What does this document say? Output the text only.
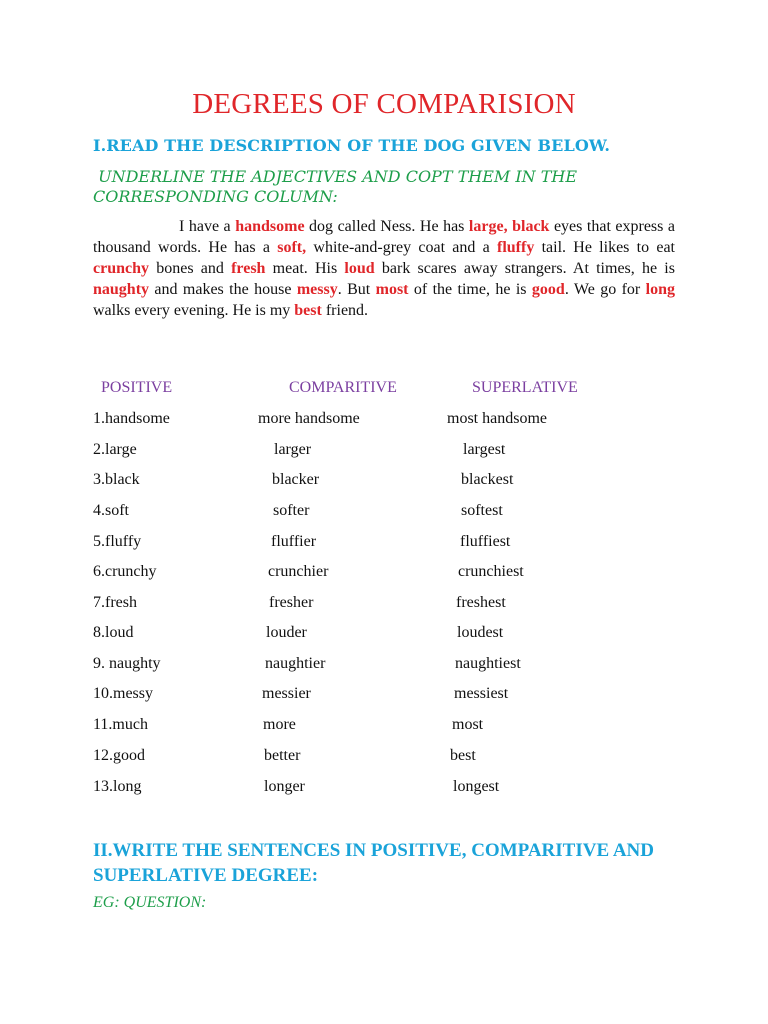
DEGREES OF COMPARISION
I.READ THE DESCRIPTION OF THE DOG GIVEN BELOW.
UNDERLINE THE ADJECTIVES AND COPT THEM IN THE CORRESPONDING COLUMN:
I have a handsome dog called Ness. He has large, black eyes that express a thousand words. He has a soft, white-and-grey coat and a fluffy tail. He likes to eat crunchy bones and fresh meat. His loud bark scares away strangers. At times, he is naughty and makes the house messy. But most of the time, he is good. We go for long walks every evening. He is my best friend.
POSITIVE	COMPARITIVE	SUPERLATIVE
1.handsome	more handsome	most handsome
2.large	larger	largest
3.black	blacker	blackest
4.soft	softer	softest
5.fluffy	fluffier	fluffiest
6.crunchy	crunchier	crunchiest
7.fresh	fresher	freshest
8.loud	louder	loudest
9. naughty	naughtier	naughtiest
10.messy	messier	messiest
11.much	more	most
12.good	better	best
13.long	longer	longest
II.WRITE THE SENTENCES IN POSITIVE, COMPARITIVE AND SUPERLATIVE DEGREE:
EG: QUESTION:
